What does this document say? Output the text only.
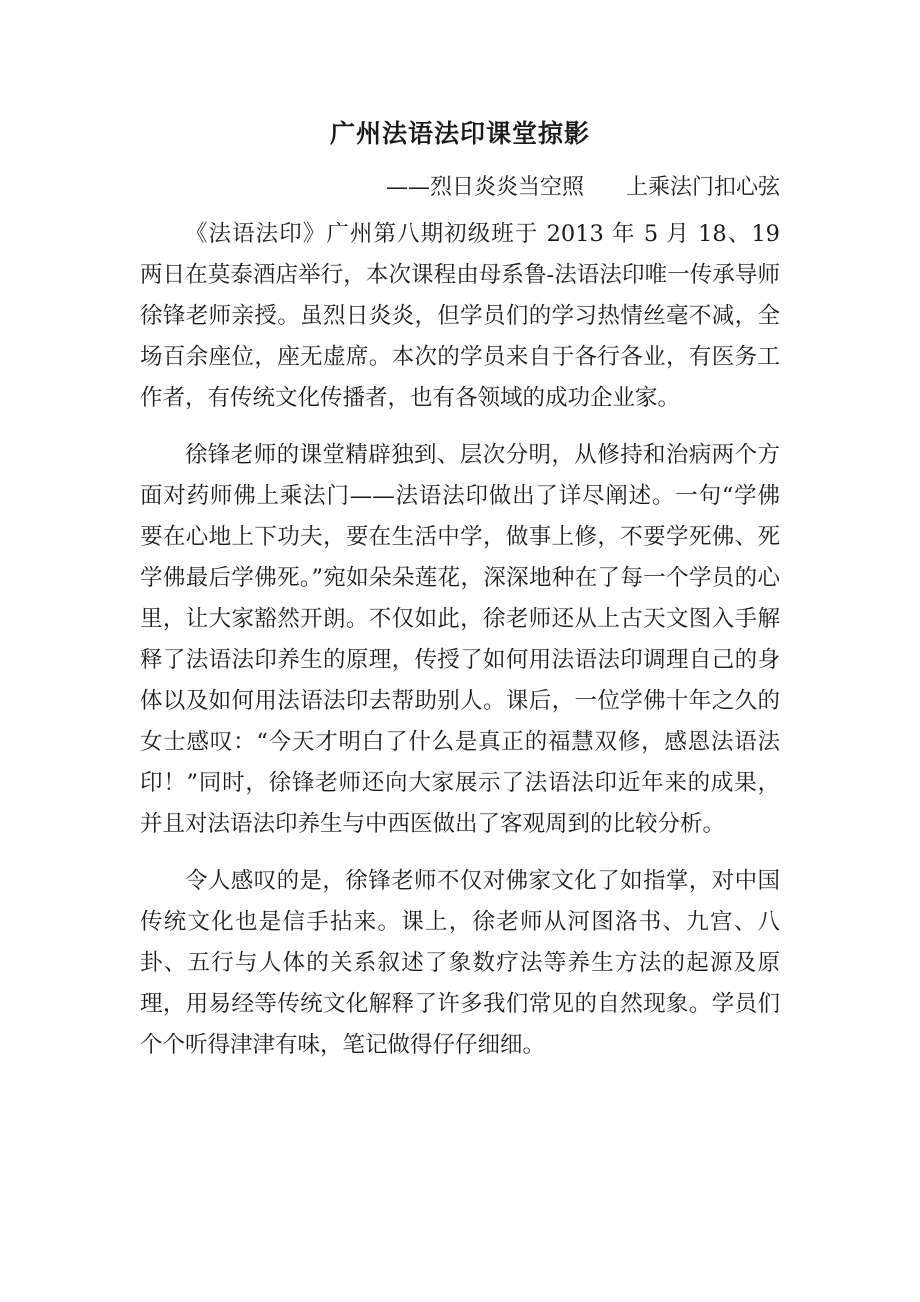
广州法语法印课堂掠影
——烈日炎炎当空照      上乘法门扣心弦

《法语法印》广州第八期初级班于 2013 年 5 月 18、19 两日在莫泰酒店举行，本次课程由母系鲁-法语法印唯一传承导师徐锋老师亲授。虽烈日炎炎，但学员们的学习热情丝毫不减，全场百余座位，座无虚席。本次的学员来自于各行各业，有医务工作者，有传统文化传播者，也有各领域的成功企业家。

徐锋老师的课堂精辟独到、层次分明，从修持和治病两个方面对药师佛上乘法门——法语法印做出了详尽阐述。一句“学佛要在心地上下功夫，要在生活中学，做事上修，不要学死佛、死学佛最后学佛死。”宛如朵朵莲花，深深地种在了每一个学员的心里，让大家豁然开朗。不仅如此，徐老师还从上古天文图入手解释了法语法印养生的原理，传授了如何用法语法印调理自己的身体以及如何用法语法印去帮助别人。课后，一位学佛十年之久的女士感叹：“今天才明白了什么是真正的福慧双修，感恩法语法印！”同时，徐锋老师还向大家展示了法语法印近年来的成果，并且对法语法印养生与中西医做出了客观周到的比较分析。

令人感叹的是，徐锋老师不仅对佛家文化了如指掌，对中国传统文化也是信手拈来。课上，徐老师从河图洛书、九宫、八卦、五行与人体的关系叙述了象数疗法等养生方法的起源及原理，用易经等传统文化解释了许多我们常见的自然现象。学员们个个听得津津有味，笔记做得仔仔细细。
